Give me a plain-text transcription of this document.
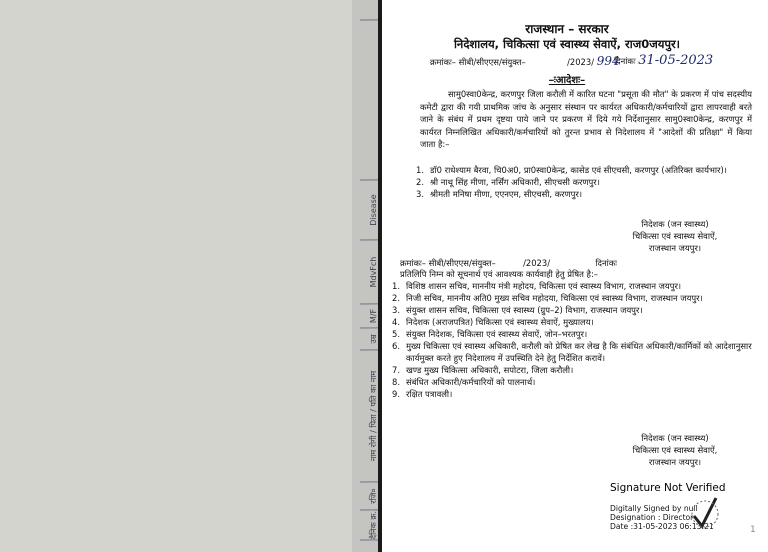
दैनिक क्र.
रजि०
नाम रोगी / पिता / पति का नाम
उम्र
M/F
MdvFch
Disease
राजस्थान – सरकार
निदेशालय, चिकित्सा एवं स्वास्थ्य सेवाऐं, राज0जयपुर।
क्रमांकः– सीबी/सीएएस/संयुक्त–	/2023/ 994
दिनांकः 31-05-2023
–ःआदेशः–
सामु0स्वा0केन्द्र, करणपुर जिला करौली में कारित घटना "प्रसूता की मौत" के प्रकरण में पांच सदस्यीय कमेटी द्वारा की गयी प्राथमिक जांच के अनुसार संस्थान पर कार्यरत अधिकारी/कर्मचारियों द्वारा लापरवाही बरते जाने के संबंध में प्रथम दृष्टया पाये जाने पर प्रकरण में दिये गये निर्देशानुसार सामु0स्वा0केन्द्र, करणपुर में कार्यरत निम्नलिखित अधिकारी/कर्मचारियों को तुरन्त प्रभाव से निदेशालय में "आदेशों की प्रतिक्षा" में किया जाता है:–
1. डॉ0 राधेश्याम बैरवा, चि0अ0, प्रा0स्वा0केन्द्र, कासेड एवं सीएचसी, करणपुर (अतिरिक्त कार्यभार)।
2. श्री नाथू सिंह मीणा, नर्सिंग अधिकारी, सीएचसी करणपुर।
3. श्रीमती मनिषा मीणा, एएनएम, सीएचसी, करणपुर।
निदेशक (जन स्वास्थ्य)
चिकित्सा एवं स्वास्थ्य सेवाऐं,
राजस्थान जयपुर।
क्रमांकः– सीबी/सीएएस/संयुक्त–	/2023/	दिनांकः
प्रतिलिपि निम्न को सूचनार्थ एवं आवश्यक कार्यवाही हेतु प्रेषित है:–
1. विशिष्ठ शासन सचिव, माननीय मंत्री महोदय, चिकित्सा एवं स्वास्थ्य विभाग, राजस्थान जयपुर।
2. निजी सचिव, माननीय अति0 मुख्य सचिव महोदया, चिकित्सा एवं स्वास्थ्य विभाग, राजस्थान जयपुर।
3. संयुक्त शासन सचिव, चिकित्सा एवं स्वास्थ्य (ग्रुप–2) विभाग, राजस्थान जयपुर।
4. निदेशक (अराजपत्रित) चिकित्सा एवं स्वास्थ्य सेवाऐं, मुख्यालय।
5. संयुक्त निदेशक, चिकित्सा एवं स्वास्थ्य सेवाऐं, जोन–भरतपुर।
6. मुख्य चिकित्सा एवं स्वास्थ्य अधिकारी, करौली को प्रेषित कर लेख है कि संबंधित अधिकारी/कार्मिकों को आदेशानुसार कार्यमुक्त करते हुए निदेशालय में उपस्थिति देने हेतु निर्देशित करावें।
7. खण्ड मुख्य चिकित्सा अधिकारी, सपोटरा, जिला करौली।
8. संबंधित अधिकारी/कर्मचारियों को पालनार्थ।
9. रक्षित पत्रावली।
निदेशक (जन स्वास्थ्य)
चिकित्सा एवं स्वास्थ्य सेवाऐं,
राजस्थान जयपुर।
Signature Not Verified
Digitally Signed by null
Designation : Director
Date :31-05-2023 06:13:21	1
